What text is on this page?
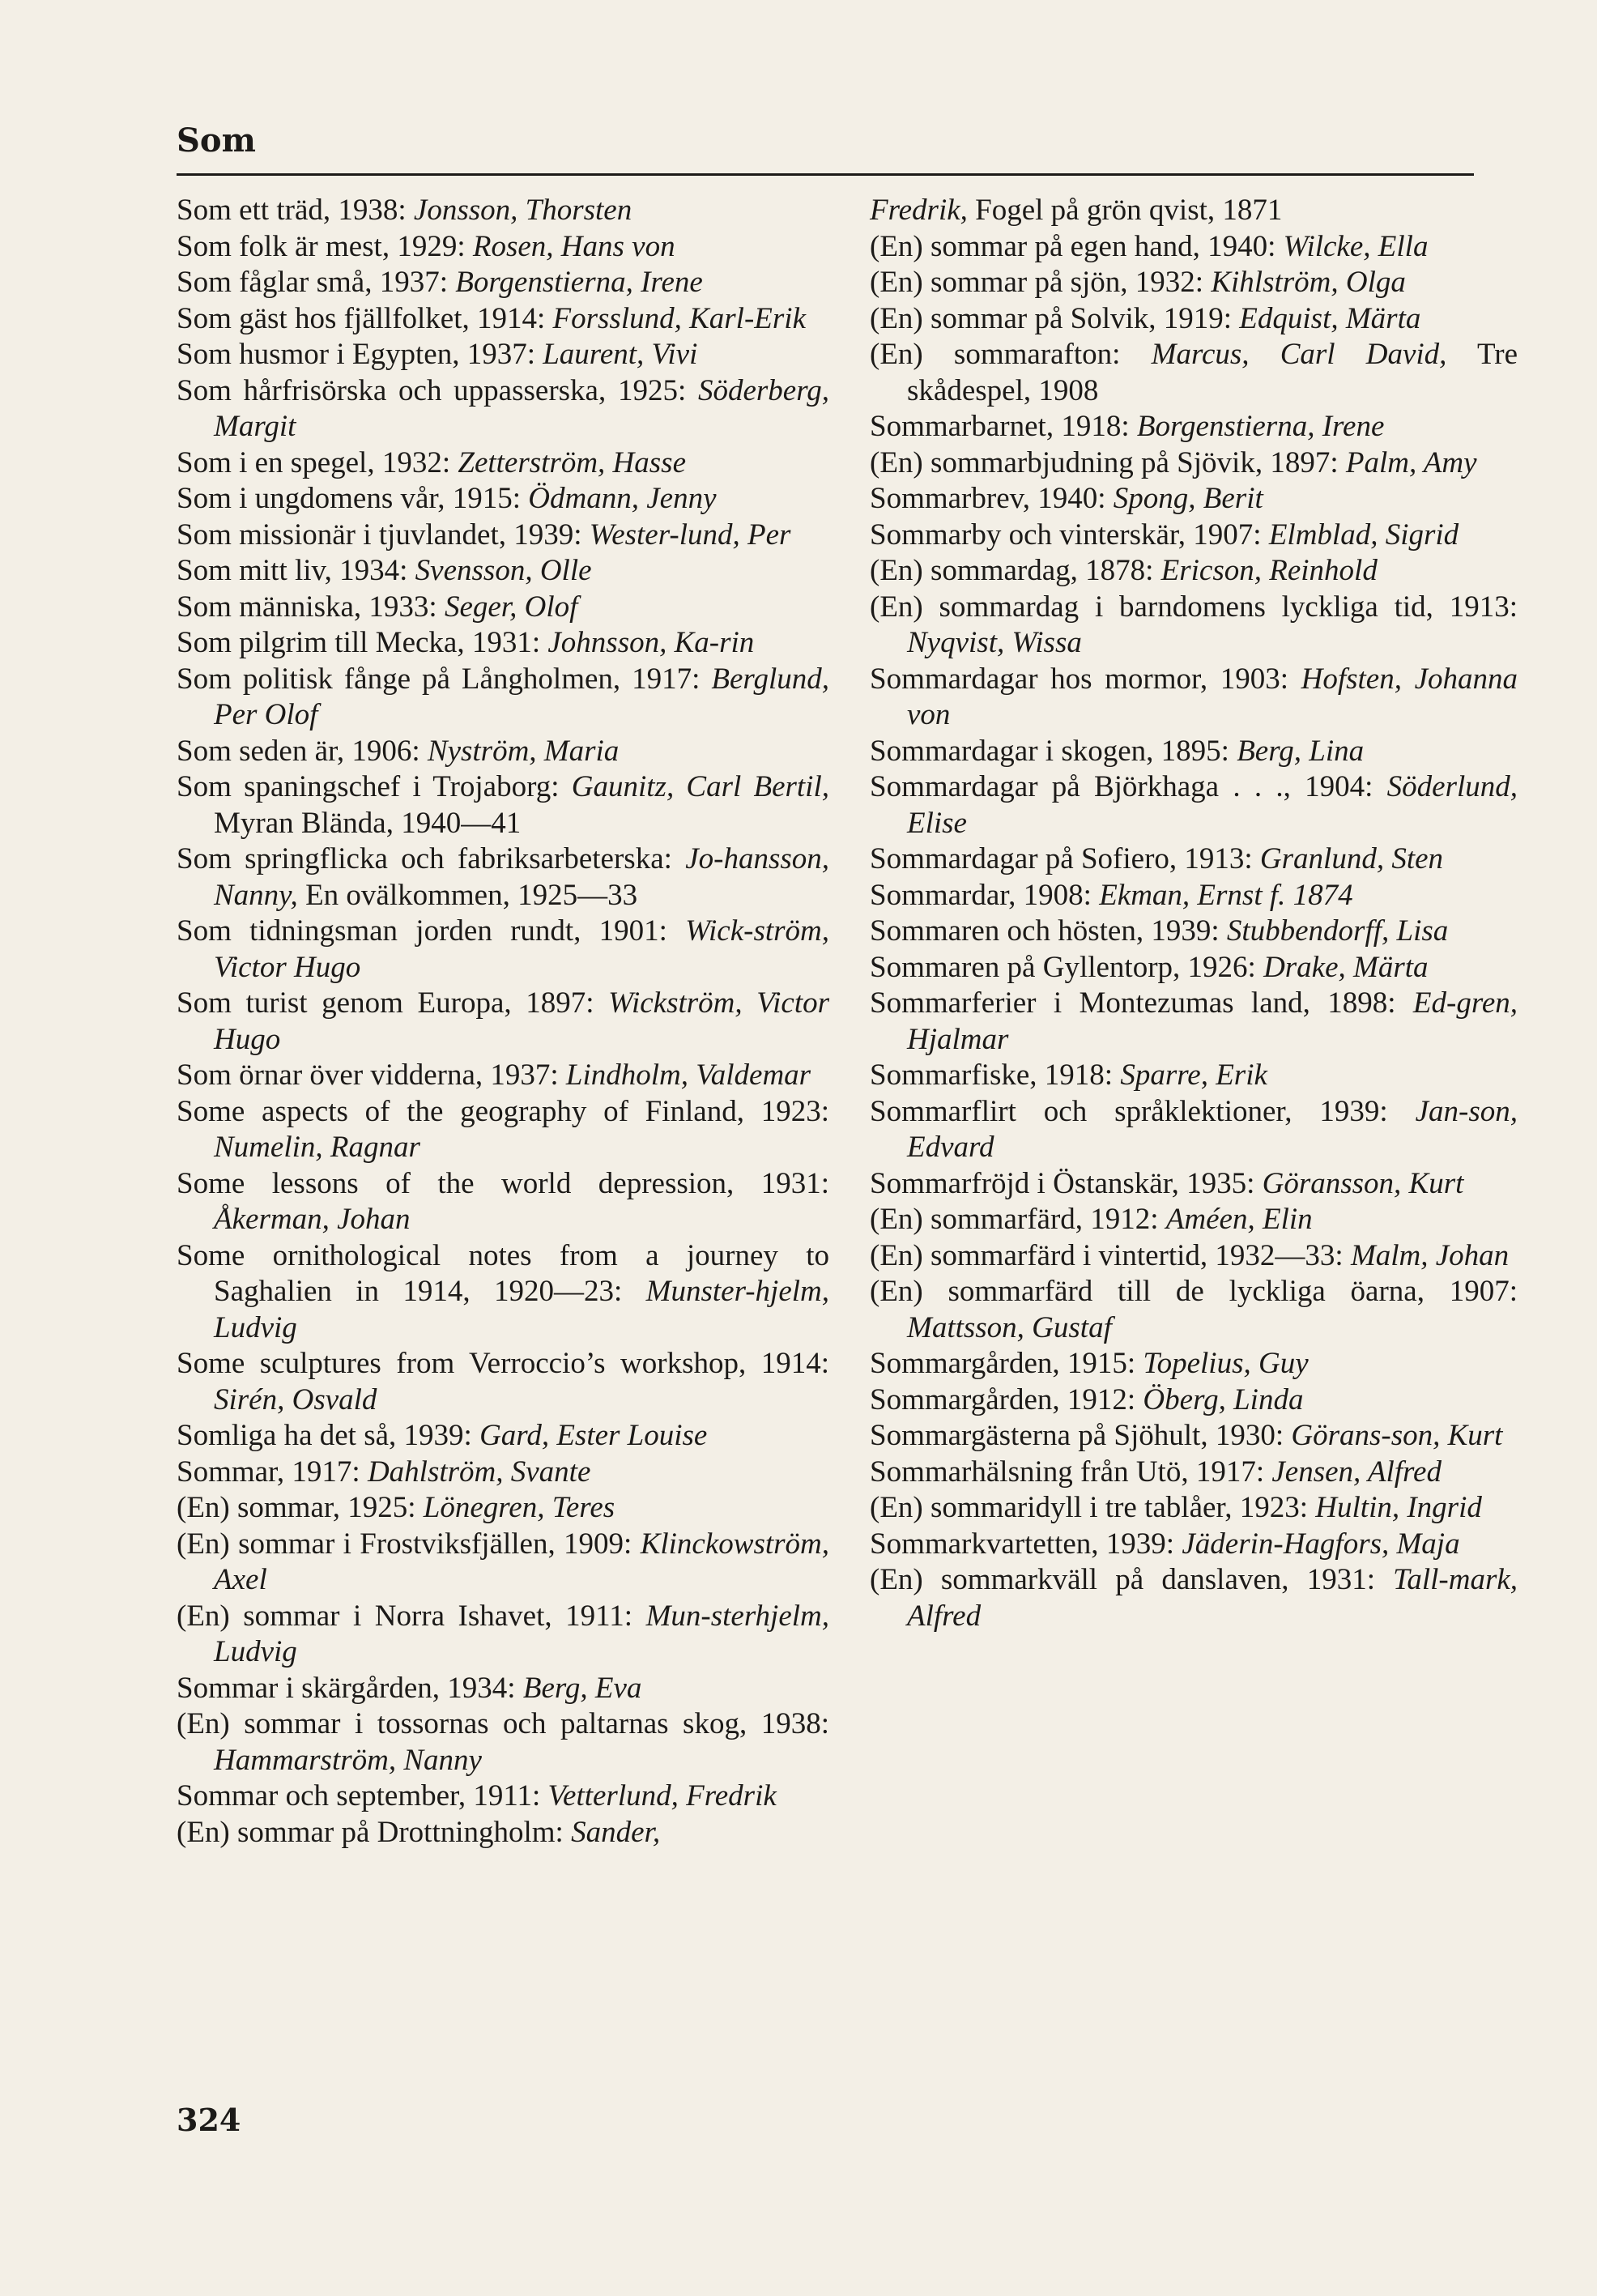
Som

Som ett träd, 1938: Jonsson, Thorsten

Som folk är mest, 1929: Rosen, Hans von

Som fåglar små, 1937: Borgenstierna, Irene

Som gäst hos fjällfolket, 1914: Forsslund, Karl-Erik

Som husmor i Egypten, 1937: Laurent, Vivi

Som hårfrisörska och uppasserska, 1925: Söderberg, Margit

Som i en spegel, 1932: Zetterström, Hasse

Som i ungdomens vår, 1915: Ödmann, Jenny

Som missionär i tjuvlandet, 1939: Wester-lund, Per

Som mitt liv, 1934: Svensson, Olle

Som människa, 1933: Seger, Olof

Som pilgrim till Mecka, 1931: Johnsson, Ka-rin

Som politisk fånge på Långholmen, 1917: Berglund, Per Olof

Som seden är, 1906: Nyström, Maria

Som spaningschef i Trojaborg: Gaunitz, Carl Bertil, Myran Blända, 1940—41

Som springflicka och fabriksarbeterska: Jo-hansson, Nanny, En ovälkommen, 1925—33

Som tidningsman jorden rundt, 1901: Wick-ström, Victor Hugo

Som turist genom Europa, 1897: Wickström, Victor Hugo

Som örnar över vidderna, 1937: Lindholm, Valdemar

Some aspects of the geography of Finland, 1923: Numelin, Ragnar

Some lessons of the world depression, 1931: Åkerman, Johan

Some ornithological notes from a journey to Saghalien in 1914, 1920—23: Munster-hjelm, Ludvig

Some sculptures from Verroccio’s workshop, 1914: Sirén, Osvald

Somliga ha det så, 1939: Gard, Ester Louise

Sommar, 1917: Dahlström, Svante

(En) sommar, 1925: Lönegren, Teres

(En) sommar i Frostviksfjällen, 1909: Klinckowström, Axel

(En) sommar i Norra Ishavet, 1911: Mun-sterhjelm, Ludvig

Sommar i skärgården, 1934: Berg, Eva

(En) sommar i tossornas och paltarnas skog, 1938: Hammarström, Nanny

Sommar och september, 1911: Vetterlund, Fredrik

(En) sommar på Drottningholm: Sander,

Fredrik, Fogel på grön qvist, 1871

(En) sommar på egen hand, 1940: Wilcke, Ella

(En) sommar på sjön, 1932: Kihlström, Olga

(En) sommar på Solvik, 1919: Edquist, Märta

(En) sommarafton: Marcus, Carl David, Tre skådespel, 1908

Sommarbarnet, 1918: Borgenstierna, Irene

(En) sommarbjudning på Sjövik, 1897: Palm, Amy

Sommarbrev, 1940: Spong, Berit

Sommarby och vinterskär, 1907: Elmblad, Sigrid

(En) sommardag, 1878: Ericson, Reinhold

(En) sommardag i barndomens lyckliga tid, 1913: Nyqvist, Wissa

Sommardagar hos mormor, 1903: Hofsten, Johanna von

Sommardagar i skogen, 1895: Berg, Lina

Sommardagar på Björkhaga . . ., 1904: Söderlund, Elise

Sommardagar på Sofiero, 1913: Granlund, Sten

Sommardar, 1908: Ekman, Ernst f. 1874

Sommaren och hösten, 1939: Stubbendorff, Lisa

Sommaren på Gyllentorp, 1926: Drake, Märta

Sommarferier i Montezumas land, 1898: Ed-gren, Hjalmar

Sommarfiske, 1918: Sparre, Erik

Sommarflirt och språklektioner, 1939: Jan-son, Edvard

Sommarfröjd i Östanskär, 1935: Göransson, Kurt

(En) sommarfärd, 1912: Améen, Elin

(En) sommarfärd i vintertid, 1932—33: Malm, Johan

(En) sommarfärd till de lyckliga öarna, 1907: Mattsson, Gustaf

Sommargården, 1915: Topelius, Guy

Sommargården, 1912: Öberg, Linda

Sommargästerna på Sjöhult, 1930: Görans-son, Kurt

Sommarhälsning från Utö, 1917: Jensen, Alfred

(En) sommaridyll i tre tablåer, 1923: Hultin, Ingrid

Sommarkvartetten, 1939: Jäderin-Hagfors, Maja

(En) sommarkväll på danslaven, 1931: Tall-mark, Alfred

324
